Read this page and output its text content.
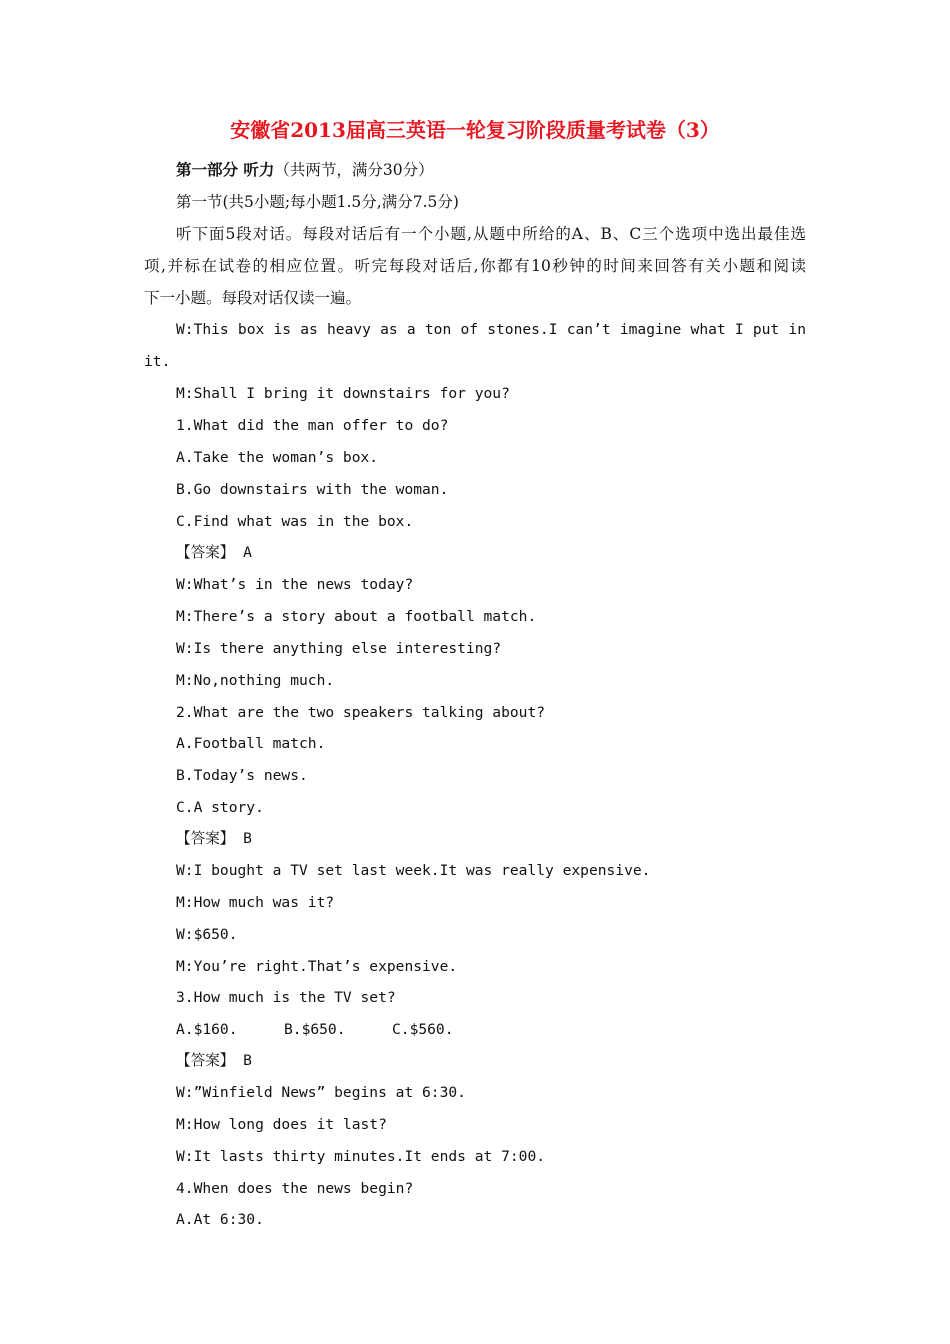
安徽省2013届高三英语一轮复习阶段质量考试卷（3）
第一部分 听力（共两节，满分30分）
第一节(共5小题;每小题1.5分,满分7.5分)
听下面5段对话。每段对话后有一个小题,从题中所给的A、B、C三个选项中选出最佳选
项,并标在试卷的相应位置。听完每段对话后,你都有10秒钟的时间来回答有关小题和阅读
下一小题。每段对话仅读一遍。
W:This box is as heavy as a ton of stones.I can’t imagine what I put in
it.
M:Shall I bring it downstairs for you?
1.What did the man offer to do?
A.Take the woman’s box.
B.Go downstairs with the woman.
C.Find what was in the box.
【答案】 A
W:What’s in the news today?
M:There’s a story about a football match.
W:Is there anything else interesting?
M:No,nothing much.
2.What are the two speakers talking about?
A.Football match.
B.Today’s news.
C.A story.
【答案】 B
W:I bought a TV set last week.It was really expensive.
M:How much was it?
W:$650.
M:You’re right.That’s expensive.
3.How much is the TV set?
A.$160.	B.$650.	C.$560.
【答案】 B
W:”Winfield News” begins at 6:30.
M:How long does it last?
W:It lasts thirty minutes.It ends at 7:00.
4.When does the news begin?
A.At 6:30.
